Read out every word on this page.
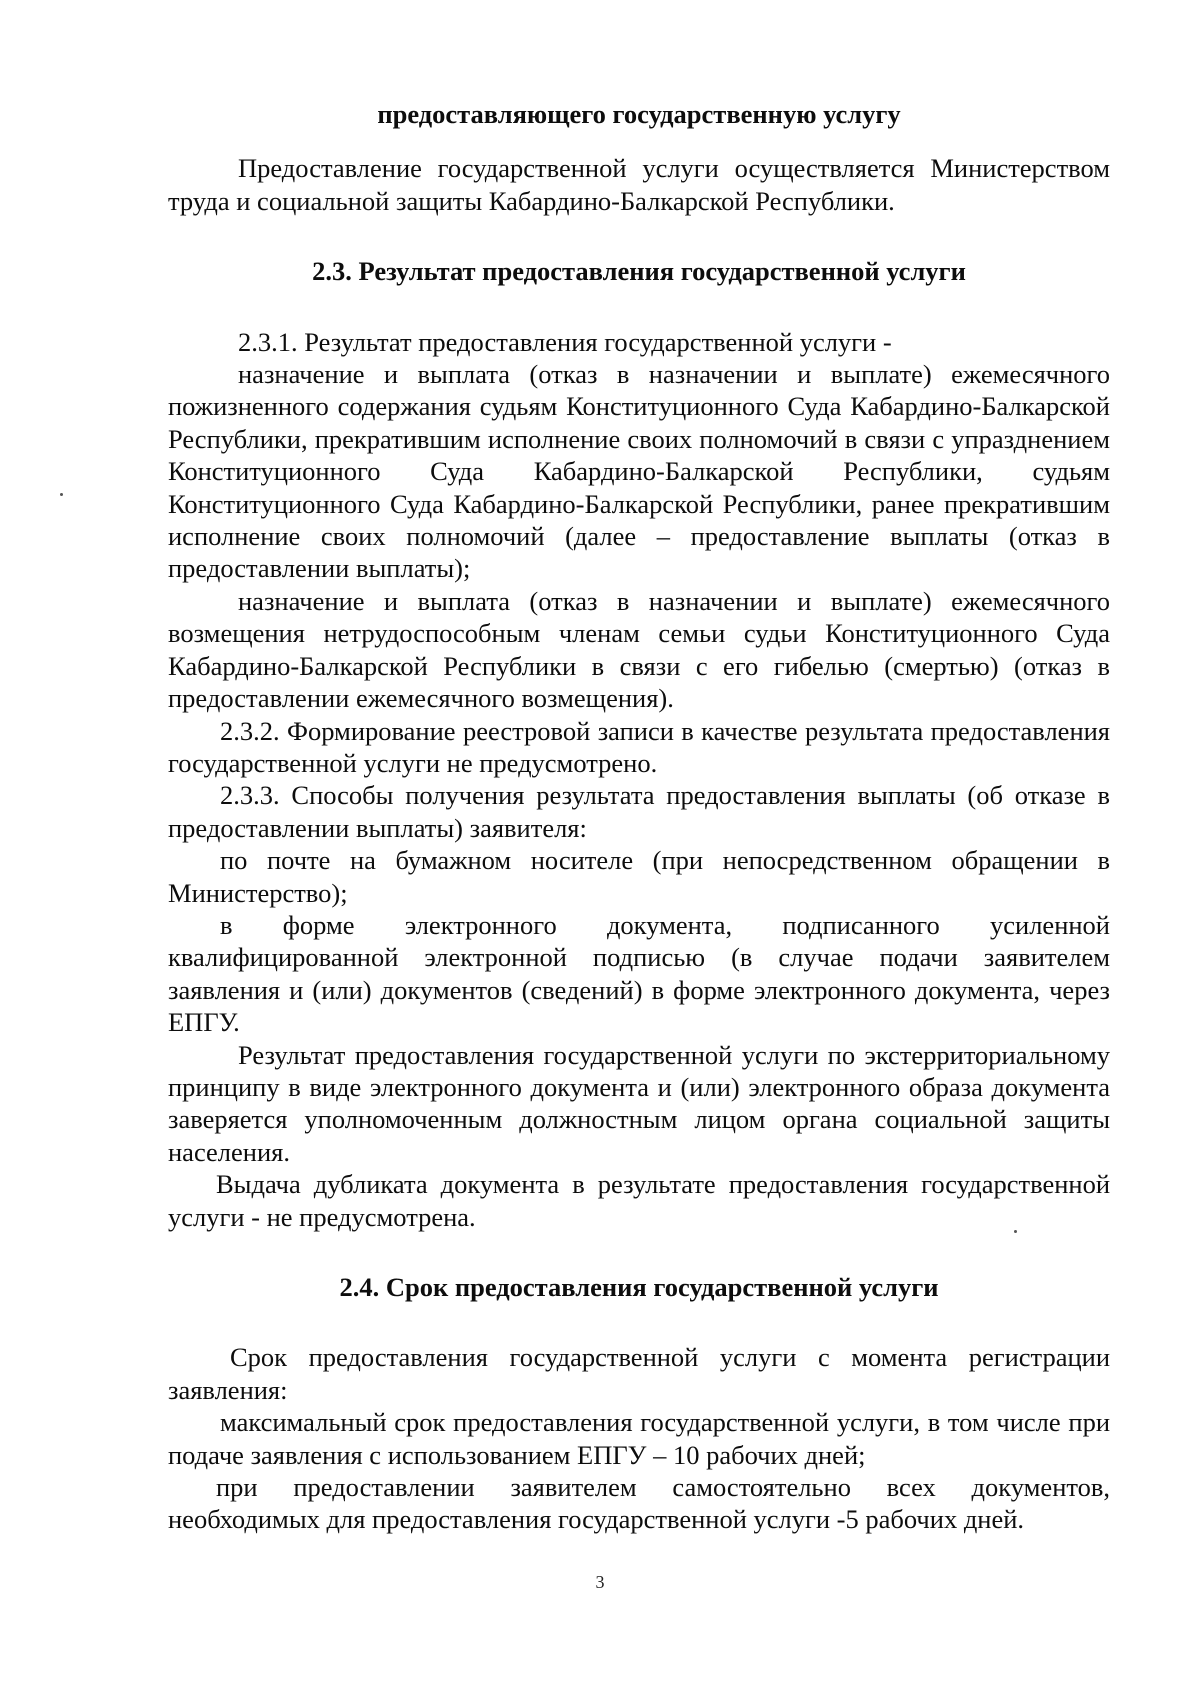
предоставляющего государственную услугу

Предоставление государственной услуги осуществляется Министерством труда и социальной защиты Кабардино-Балкарской Республики.

2.3. Результат предоставления государственной услуги

2.3.1. Результат предоставления государственной услуги -

назначение и выплата (отказ в назначении и выплате) ежемесячного пожизненного содержания судьям Конституционного Суда Кабардино-Балкарской Республики, прекратившим исполнение своих полномочий в связи с упразднением Конституционного Суда Кабардино-Балкарской Республики, судьям Конституционного Суда Кабардино-Балкарской Республики, ранее прекратившим исполнение своих полномочий (далее – предоставление выплаты (отказ в предоставлении выплаты);

назначение и выплата (отказ в назначении и выплате) ежемесячного возмещения нетрудоспособным членам семьи судьи Конституционного Суда Кабардино-Балкарской Республики в связи с его гибелью (смертью) (отказ в предоставлении ежемесячного возмещения).

2.3.2. Формирование реестровой записи в качестве результата предоставления государственной услуги не предусмотрено.

2.3.3. Способы получения результата предоставления выплаты (об отказе в предоставлении выплаты) заявителя:

по почте на бумажном носителе (при непосредственном обращении в Министерство);

в форме электронного документа, подписанного усиленной квалифицированной электронной подписью (в случае подачи заявителем заявления и (или) документов (сведений) в форме электронного документа, через ЕПГУ.

Результат предоставления государственной услуги по экстерриториальному принципу в виде электронного документа и (или) электронного образа документа заверяется уполномоченным должностным лицом органа социальной защиты населения.

Выдача дубликата документа в результате предоставления государственной услуги - не предусмотрена.

2.4. Срок предоставления государственной услуги

Срок предоставления государственной услуги с момента регистрации заявления:

максимальный срок предоставления государственной услуги, в том числе при подаче заявления с использованием ЕПГУ – 10 рабочих дней;

при предоставлении заявителем самостоятельно всех документов, необходимых для предоставления государственной услуги -5 рабочих дней.

3
